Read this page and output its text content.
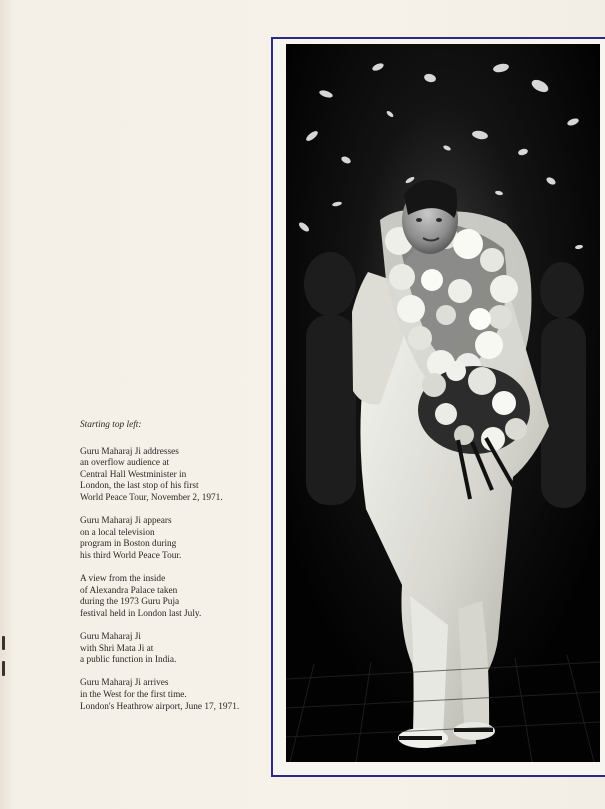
Starting top left:
Guru Maharaj Ji addresses
an overflow audience at
Central Hall Westminister in
London, the last stop of his first
World Peace Tour, November 2, 1971.
Guru Maharaj Ji appears
on a local television
program in Boston during
his third World Peace Tour.
A view from the inside
of Alexandra Palace taken
during the 1973 Guru Puja
festival held in London last July.
Guru Maharaj Ji
with Shri Mata Ji at
a public function in India.
Guru Maharaj Ji arrives
in the West for the first time.
London's Heathrow airport, June 17, 1971.
